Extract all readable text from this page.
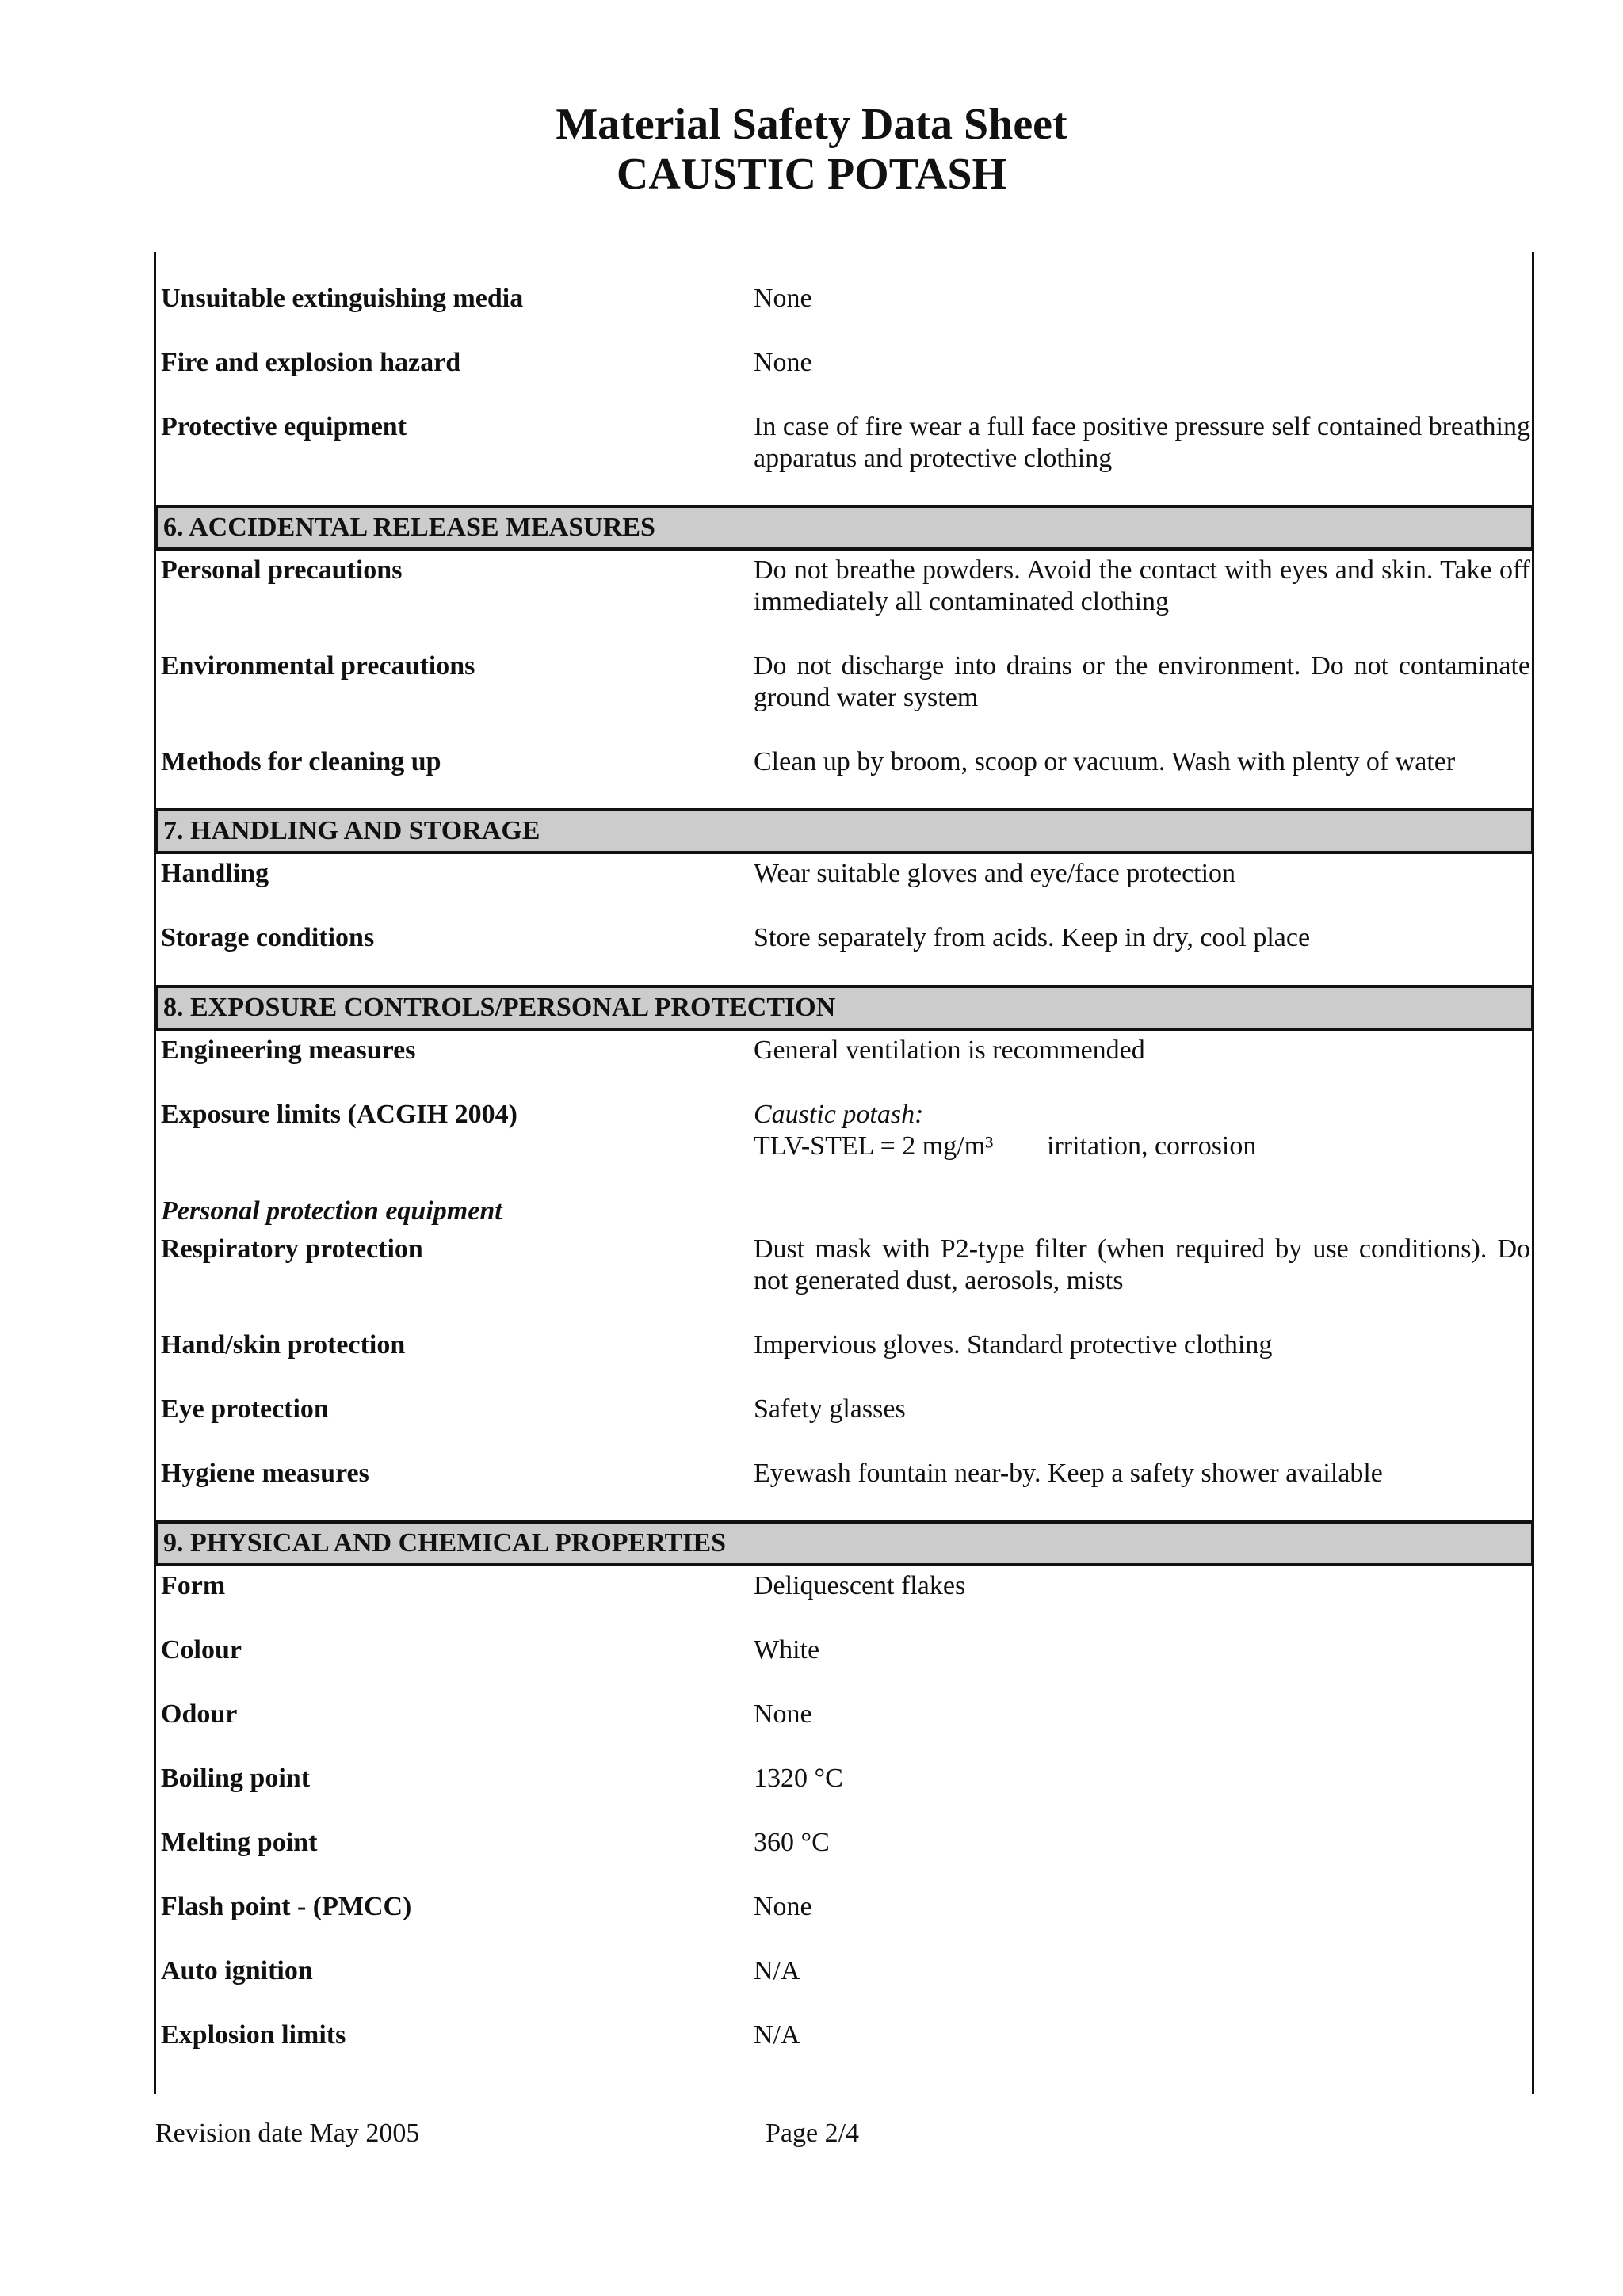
Material Safety Data Sheet
CAUSTIC POTASH
Unsuitable extinguishing media	None
Fire and explosion hazard	None
Protective equipment	In case of fire wear a full face positive pressure self contained breathing apparatus and protective clothing
6. ACCIDENTAL RELEASE MEASURES
Personal precautions	Do not breathe powders. Avoid the contact with eyes and skin. Take off immediately all contaminated clothing
Environmental precautions	Do not discharge into drains or the environment. Do not contaminate ground water system
Methods for cleaning up	Clean up by broom, scoop or vacuum. Wash with plenty of water
7. HANDLING AND STORAGE
Handling	Wear suitable gloves and eye/face protection
Storage conditions	Store separately from acids. Keep in dry, cool place
8. EXPOSURE CONTROLS/PERSONAL PROTECTION
Engineering measures	General ventilation is recommended
Exposure limits (ACGIH 2004)	Caustic potash:
TLV-STEL = 2 mg/m³ irritation, corrosion
Personal protection equipment
Respiratory protection	Dust mask with P2-type filter (when required by use conditions). Do not generated dust, aerosols, mists
Hand/skin protection	Impervious gloves. Standard protective clothing
Eye protection	Safety glasses
Hygiene measures	Eyewash fountain near-by. Keep a safety shower available
9. PHYSICAL AND CHEMICAL PROPERTIES
Form	Deliquescent flakes
Colour	White
Odour	None
Boiling point	1320 °C
Melting point	360 °C
Flash point - (PMCC)	None
Auto ignition	N/A
Explosion limits	N/A
Revision date May 2005	Page 2/4
